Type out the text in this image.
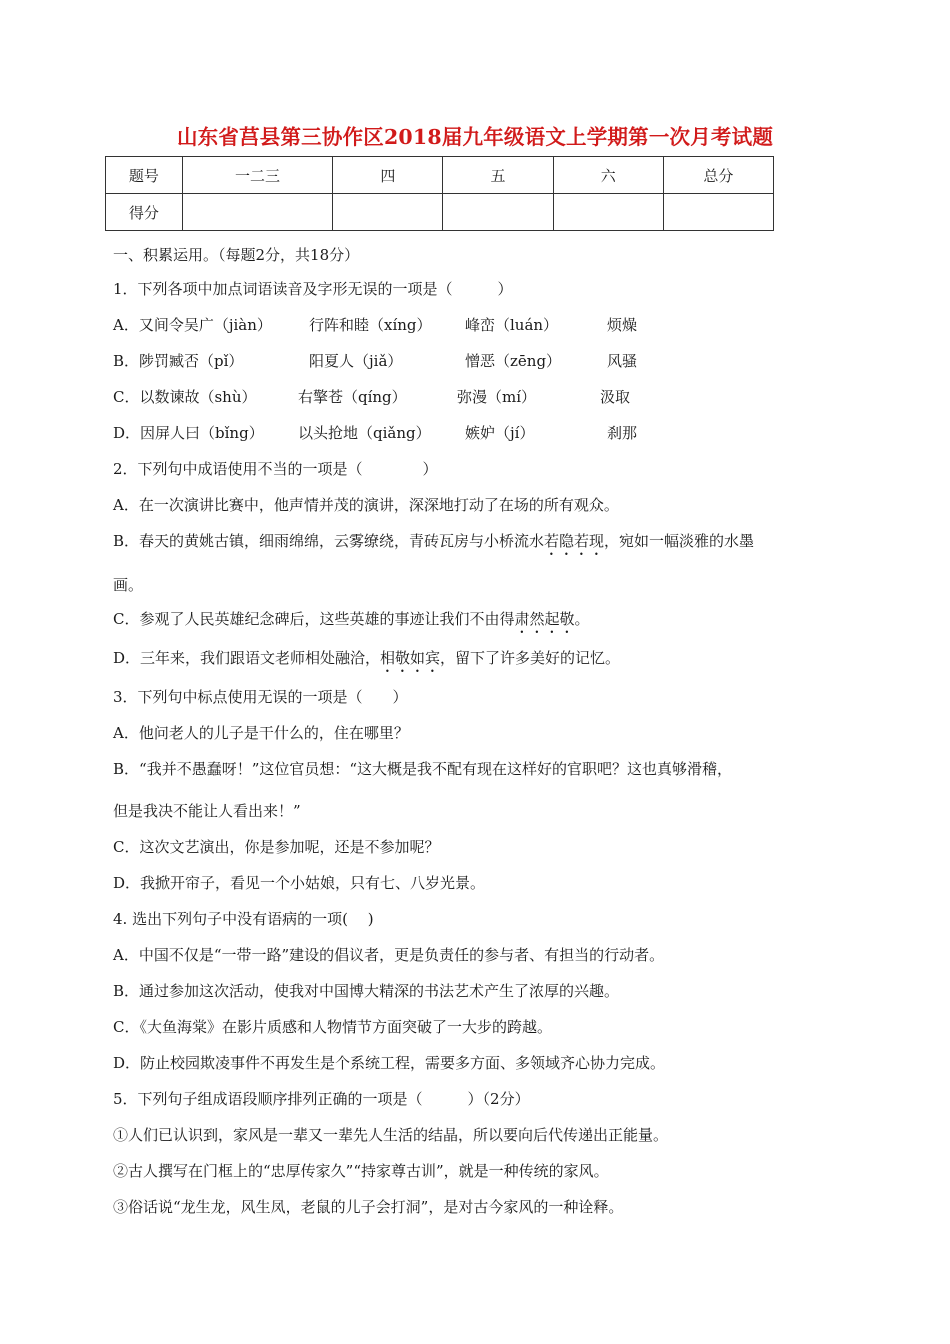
山东省莒县第三协作区2018届九年级语文上学期第一次月考试题
题号	一二三	四	五	六	总分
得分					
一、积累运用。（每题2分，共18分）
1．下列各项中加点词语读音及字形无误的一项是（　　　）
A．又间令吴广（jiàn） 行阵和睦（xíng） 峰峦（luán）	烦燥
B．陟罚臧否（pǐ）	阳夏人（jiǎ）	憎恶（zēng）	风骚
C．以数谏故（shù）	右擎苍（qíng）	弥漫（mí）	汲取
D．因屏人曰（bǐng） 以头抢地（qiǎng） 嫉妒（jí）	刹那
2．下列句中成语使用不当的一项是（　　　　）
A．在一次演讲比赛中，他声情并茂的演讲，深深地打动了在场的所有观众。
B．春天的黄姚古镇，细雨绵绵，云雾缭绕，青砖瓦房与小桥流水若隐若现，宛如一幅淡雅的水墨
画。
C．参观了人民英雄纪念碑后，这些英雄的事迹让我们不由得肃然起敬。
D．三年来，我们跟语文老师相处融洽，相敬如宾，留下了许多美好的记忆。
3．下列句中标点使用无误的一项是（　　）
A．他问老人的儿子是干什么的，住在哪里？
B．“我并不愚蠢呀！”这位官员想：“这大概是我不配有现在这样好的官职吧？这也真够滑稽，
但是我决不能让人看出来！”
C．这次文艺演出，你是参加呢，还是不参加呢？
D．我掀开帘子，看见一个小姑娘，只有七、八岁光景。
4. 选出下列句子中没有语病的一项(　 )
A．中国不仅是“一带一路”建设的倡议者，更是负责任的参与者、有担当的行动者。
B．通过参加这次活动，使我对中国博大精深的书法艺术产生了浓厚的兴趣。
C．《大鱼海棠》在影片质感和人物情节方面突破了一大步的跨越。
D．防止校园欺凌事件不再发生是个系统工程，需要多方面、多领域齐心协力完成。
5．下列句子组成语段顺序排列正确的一项是（　　　）（2分）
①人们已认识到，家风是一辈又一辈先人生活的结晶，所以要向后代传递出正能量。
②古人撰写在门框上的“忠厚传家久”“持家尊古训”，就是一种传统的家风。
③俗话说“龙生龙，风生凤，老鼠的儿子会打洞”，是对古今家风的一种诠释。
